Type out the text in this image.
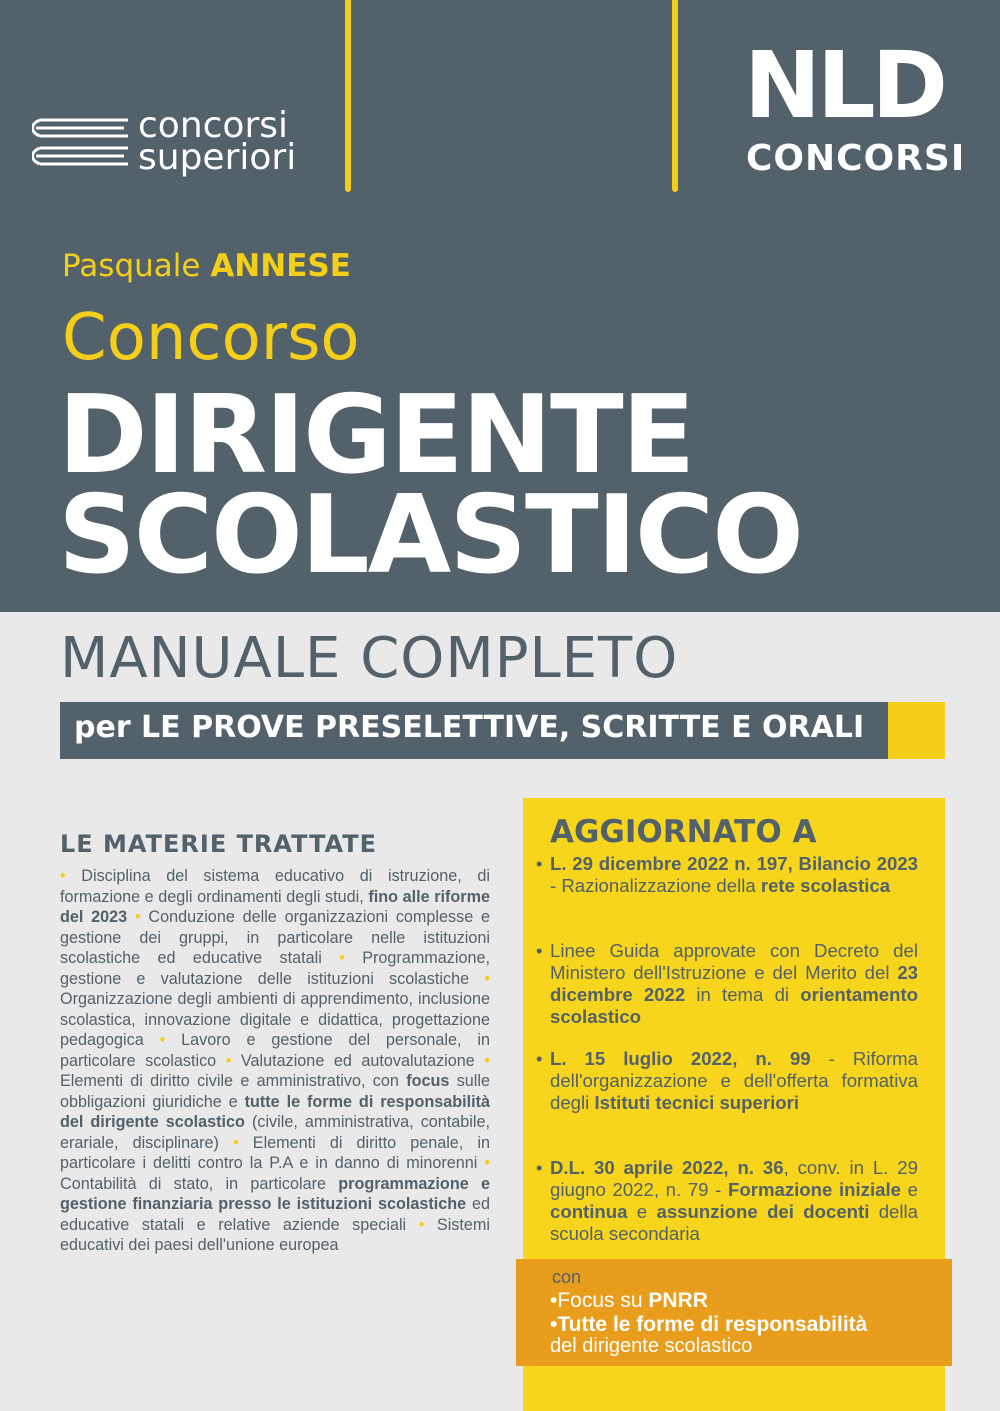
concorsi
superiori
NLD
CONCORSI
Pasquale ANNESE
Concorso
DIRIGENTE
SCOLASTICO
MANUALE COMPLETO
per LE PROVE PRESELETTIVE, SCRITTE E ORALI
LE MATERIE TRATTATE
• Disciplina del sistema educativo di istruzione, di formazione e degli ordinamenti degli studi, fino alle riforme del 2023 • Conduzione delle organizzazioni complesse e gestione dei gruppi, in particolare nelle istituzioni scolastiche ed educative statali • Programmazione, gestione e valutazione delle istituzioni scolastiche • Organizzazione degli ambienti di apprendimento, inclusione scolastica, innovazione digitale e didattica, progettazione pedagogica • Lavoro e gestione del personale, in particolare scolastico • Valutazione ed autovalutazione • Elementi di diritto civile e amministrativo, con focus sulle obbligazioni giuridiche e tutte le forme di responsabilità del dirigente scolastico (civile, amministrativa, contabile, erariale, disciplinare) • Elementi di diritto penale, in particolare i delitti contro la P.A e in danno di minorenni • Contabilità di stato, in particolare programmazione e gestione finanziaria presso le istituzioni scolastiche ed educative statali e relative aziende speciali • Sistemi educativi dei paesi dell'unione europea
AGGIORNATO A
• L. 29 dicembre 2022 n. 197, Bilancio 2023 - Razionalizzazione della rete scolastica
• Linee Guida approvate con Decreto del Ministero dell'Istruzione e del Merito del 23 dicembre 2022 in tema di orientamento scolastico
• L. 15 luglio 2022, n. 99 - Riforma dell'organizzazione e dell'offerta formativa degli Istituti tecnici superiori
• D.L. 30 aprile 2022, n. 36, conv. in L. 29 giugno 2022, n. 79 - Formazione iniziale e continua e assunzione dei docenti della scuola secondaria
con
•Focus su PNRR
•Tutte le forme di responsabilità
del dirigente scolastico
